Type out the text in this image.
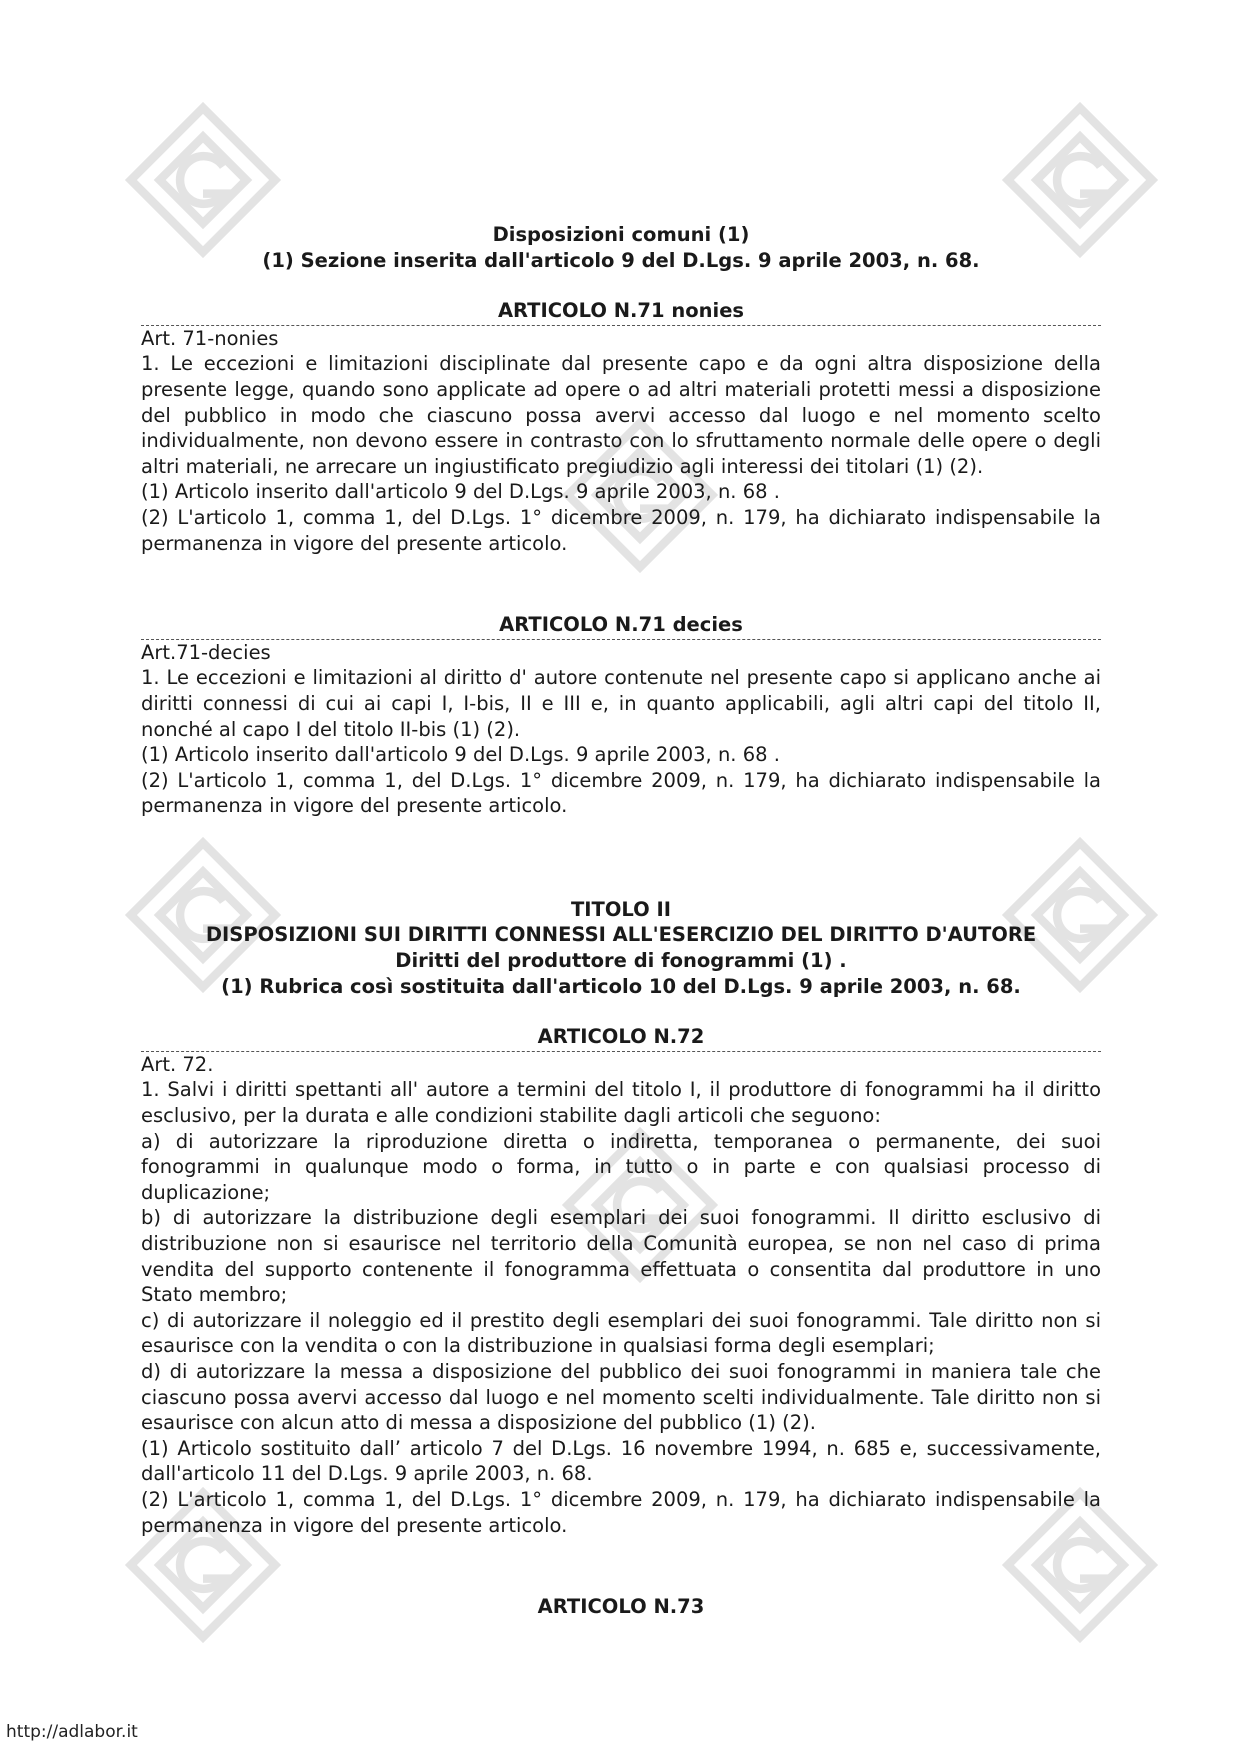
Disposizioni comuni (1)

(1) Sezione inserita dall'articolo 9 del D.Lgs. 9 aprile 2003, n. 68.

ARTICOLO N.71 nonies

Art. 71-nonies

1. Le eccezioni e limitazioni disciplinate dal presente capo e da ogni altra disposizione della presente legge, quando sono applicate ad opere o ad altri materiali protetti messi a disposizione del pubblico in modo che ciascuno possa avervi accesso dal luogo e nel momento scelto individualmente, non devono essere in contrasto con lo sfruttamento normale delle opere o degli altri materiali, ne arrecare un ingiustificato pregiudizio agli interessi dei titolari (1) (2).

(1) Articolo inserito dall'articolo 9 del D.Lgs. 9 aprile 2003, n. 68 .

(2) L'articolo 1, comma 1, del D.Lgs. 1° dicembre 2009, n. 179, ha dichiarato indispensabile la permanenza in vigore del presente articolo.

ARTICOLO N.71 decies

Art.71-decies

1. Le eccezioni e limitazioni al diritto d' autore contenute nel presente capo si applicano anche ai diritti connessi di cui ai capi I, I-bis, II e III e, in quanto applicabili, agli altri capi del titolo II, nonché al capo I del titolo II-bis (1) (2).

(1) Articolo inserito dall'articolo 9 del D.Lgs. 9 aprile 2003, n. 68 .

(2) L'articolo 1, comma 1, del D.Lgs. 1° dicembre 2009, n. 179, ha dichiarato indispensabile la permanenza in vigore del presente articolo.

TITOLO II

DISPOSIZIONI SUI DIRITTI CONNESSI ALL'ESERCIZIO DEL DIRITTO D'AUTORE

Diritti del produttore di fonogrammi (1) .

(1) Rubrica così sostituita dall'articolo 10 del D.Lgs. 9 aprile 2003, n. 68.

ARTICOLO N.72

Art. 72.

1. Salvi i diritti spettanti all' autore a termini del titolo I, il produttore di fonogrammi ha il diritto esclusivo, per la durata e alle condizioni stabilite dagli articoli che seguono:

a) di autorizzare la riproduzione diretta o indiretta, temporanea o permanente, dei suoi fonogrammi in qualunque modo o forma, in tutto o in parte e con qualsiasi processo di duplicazione;

b) di autorizzare la distribuzione degli esemplari dei suoi fonogrammi. Il diritto esclusivo di distribuzione non si esaurisce nel territorio della Comunità europea, se non nel caso di prima vendita del supporto contenente il fonogramma effettuata o consentita dal produttore in uno Stato membro;

c) di autorizzare il noleggio ed il prestito degli esemplari dei suoi fonogrammi. Tale diritto non si esaurisce con la vendita o con la distribuzione in qualsiasi forma degli esemplari;

d) di autorizzare la messa a disposizione del pubblico dei suoi fonogrammi in maniera tale che ciascuno possa avervi accesso dal luogo e nel momento scelti individualmente. Tale diritto non si esaurisce con alcun atto di messa a disposizione del pubblico (1) (2).

(1) Articolo sostituito dall’ articolo 7 del D.Lgs. 16 novembre 1994, n. 685 e, successivamente, dall'articolo 11 del D.Lgs. 9 aprile 2003, n. 68.

(2) L'articolo 1, comma 1, del D.Lgs. 1° dicembre 2009, n. 179, ha dichiarato indispensabile la permanenza in vigore del presente articolo.

ARTICOLO N.73

http://adlabor.it
